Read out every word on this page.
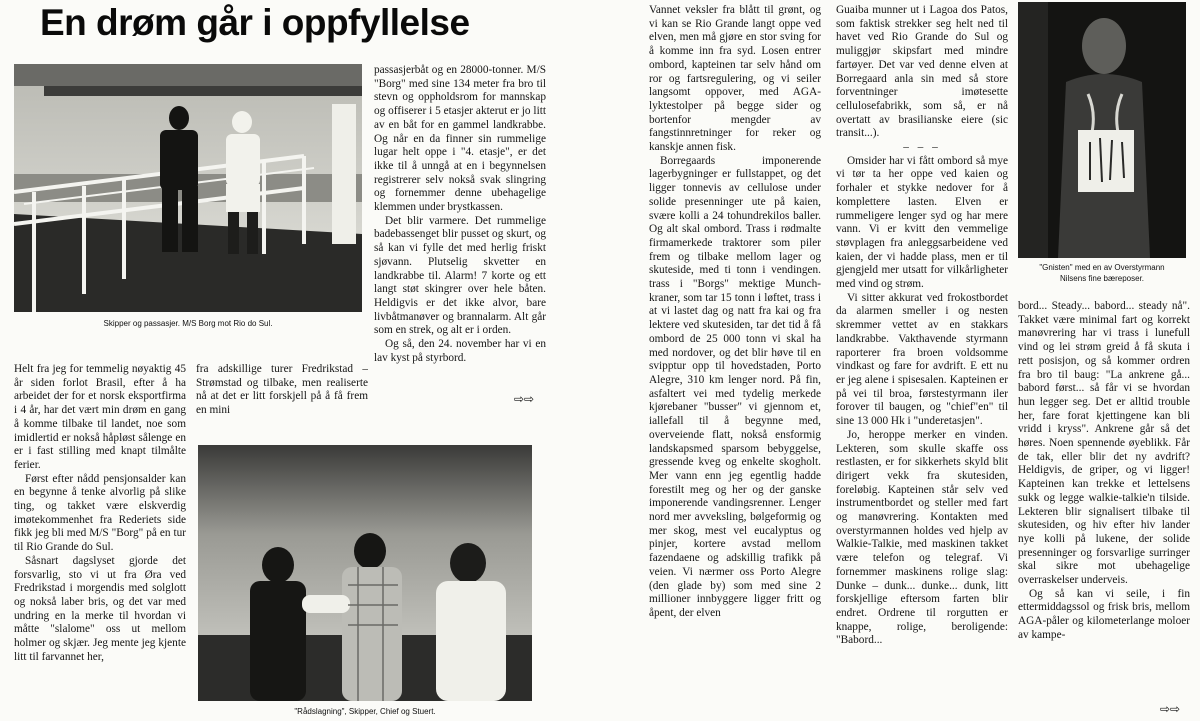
En drøm går i oppfyllelse
Skipper og passasjer. M/S Borg mot Rio do Sul.
"Rådslagning", Skipper, Chief og Stuert.
"Gnisten" med en av Overstyrmann
Nilsens fine bæreposer.

Helt fra jeg for temmelig nøyaktig 45 år siden forlot Brasil, efter å ha arbeidet der for et norsk eksportfirma i 4 år, har det vært min drøm en gang å komme tilbake til landet, noe som imidlertid er nokså håpløst sålenge en er i fast stilling med knapt tilmålte ferier.

Først efter nådd pensjonsalder kan en begynne å tenke alvorlig på slike ting, og takket være elskverdig imøtekommenhet fra Rederiets side fikk jeg bli med M/S "Borg" på en tur til Rio Grande do Sul.

Såsnart dagslyset gjorde det forsvarlig, sto vi ut fra Øra ved Fredrikstad i morgendis med solglott og nokså laber bris, og det var med undring en la merke til hvordan vi måtte "slalome" oss ut mellom holmer og skjær. Jeg mente jeg kjente litt til farvannet her,

fra adskillige turer Fredrikstad – Strømstad og tilbake, men realiserte nå at det er litt forskjell på å få frem en mini

passasjerbåt og en 28000-tonner. M/S "Borg" med sine 134 meter fra bro til stevn og oppholdsrom for mannskap og offiserer i 5 etasjer akterut er jo litt av en båt for en gammel landkrabbe. Og når en da finner sin rummelige lugar helt oppe i "4. etasje", er det ikke til å unngå at en i begynnelsen registrerer selv nokså svak slingring og fornemmer denne ubehagelige klemmen under brystkassen.

Det blir varmere. Det rummelige badebassenget blir pusset og skurt, og så kan vi fylle det med herlig friskt sjøvann. Plutselig skvetter en landkrabbe til. Alarm! 7 korte og ett langt støt skingrer over hele båten. Heldigvis er det ikke alvor, bare livbåtmanøver og brannalarm. Alt går som en strek, og alt er i orden.

Og så, den 24. november har vi en lav kyst på styrbord.

⇨⇨

Vannet veksler fra blått til grønt, og vi kan se Rio Grande langt oppe ved elven, men må gjøre en stor sving for å komme inn fra syd. Losen entrer ombord, kapteinen tar selv hånd om ror og fartsregulering, og vi seiler langsomt oppover, med AGA-lyktestolper på begge sider og bortenfor mengder av fangstinnretninger for reker og kanskje annen fisk.

Borregaards imponerende lagerbygninger er fullstappet, og det ligger tonnevis av cellulose under solide presenninger ute på kaien, svære kolli a 24 tohundrekilos baller. Og alt skal ombord. Trass i rødmalte firmamerkede traktorer som piler frem og tilbake mellom lager og skuteside, med ti tonn i vendingen. trass i "Borgs" mektige Munch-kraner, som tar 15 tonn i løftet, trass i at vi lastet dag og natt fra kai og fra lektere ved skutesiden, tar det tid å få ombord de 25 000 tonn vi skal ha med nordover, og det blir høve til en svipptur opp til hovedstaden, Porto Alegre, 310 km lenger nord. På fin, asfaltert vei med tydelig merkede kjørebaner "busser" vi gjennom et, iallefall til å begynne med, overveiende flatt, nokså ensformig landskapsmed sparsom bebyggelse, gressende kveg og enkelte skogholt. Mer vann enn jeg egentlig hadde forestilt meg og her og der ganske imponerende vandingsrenner. Lenger nord mer avveksling, bølgeformig og mer skog, mest vel eucalyptus og pinjer, kortere avstad mellom fazendaene og adskillig trafikk på veien. Vi nærmer oss Porto Alegre (den glade by) som med sine 2 millioner innbyggere ligger fritt og åpent, der elven

Guaiba munner ut i Lagoa dos Patos, som faktisk strekker seg helt ned til havet ved Rio Grande do Sul og muliggjør skipsfart med mindre fartøyer. Det var ved denne elven at Borregaard anla sin med så store forventninger imøtesette cellulosefabrikk, som så, er nå overtatt av brasilianske eiere (sic transit...).

– – –

Omsider har vi fått ombord så mye vi tør ta her oppe ved kaien og forhaler et stykke nedover for å komplettere lasten. Elven er rummeligere lenger syd og har mere vann. Vi er kvitt den vemmelige støvplagen fra anleggsarbeidene ved kaien, der vi hadde plass, men er til gjengjeld mer utsatt for vilkårligheter med vind og strøm.

Vi sitter akkurat ved frokostbordet da alarmen smeller i og nesten skremmer vettet av en stakkars landkrabbe. Vakthavende styrmann raporterer fra broen voldsomme vindkast og fare for avdrift. E ett nu er jeg alene i spisesalen. Kapteinen er på vei til broa, førstestyrmann iler forover til baugen, og "chief"en" til sine 13 000 Hk i "underetasjen".

Jo, heroppe merker en vinden. Lekteren, som skulle skaffe oss restlasten, er for sikkerhets skyld blit dirigert vekk fra skutesiden, foreløbig. Kapteinen står selv ved instrumentbordet og steller med fart og manøvrering. Kontakten med overstyrmannen holdes ved hjelp av Walkie-Talkie, med maskinen takket være telefon og telegraf. Vi fornemmer maskinens rolige slag: Dunke – dunk... dunke... dunk, litt forskjellige eftersom farten blir endret. Ordrene til rorgutten er knappe, rolige, beroligende: "Babord...

bord... Steady... babord... steady nå". Takket være minimal fart og korrekt manøvrering har vi trass i lunefull vind og lei strøm greid å få skuta i rett posisjon, og så kommer ordren fra bro til baug: "La ankrene gå... babord først... så får vi se hvordan hun legger seg. Det er alltid trouble her, fare forat kjettingene kan bli vridd i kryss". Ankrene går så det høres. Noen spennende øyeblikk. Får de tak, eller blir det ny avdrift? Heldigvis, de griper, og vi ligger! Kapteinen kan trekke et lettelsens sukk og legge walkie-talkie'n tilside. Lekteren blir signalisert tilbake til skutesiden, og hiv efter hiv lander nye kolli på lukene, der solide presenninger og forsvarlige surringer skal sikre mot ubehagelige overraskelser underveis.

Og så kan vi seile, i fin ettermiddagssol og frisk bris, mellom AGA-påler og kilometerlange moloer av kampe-

⇨⇨
